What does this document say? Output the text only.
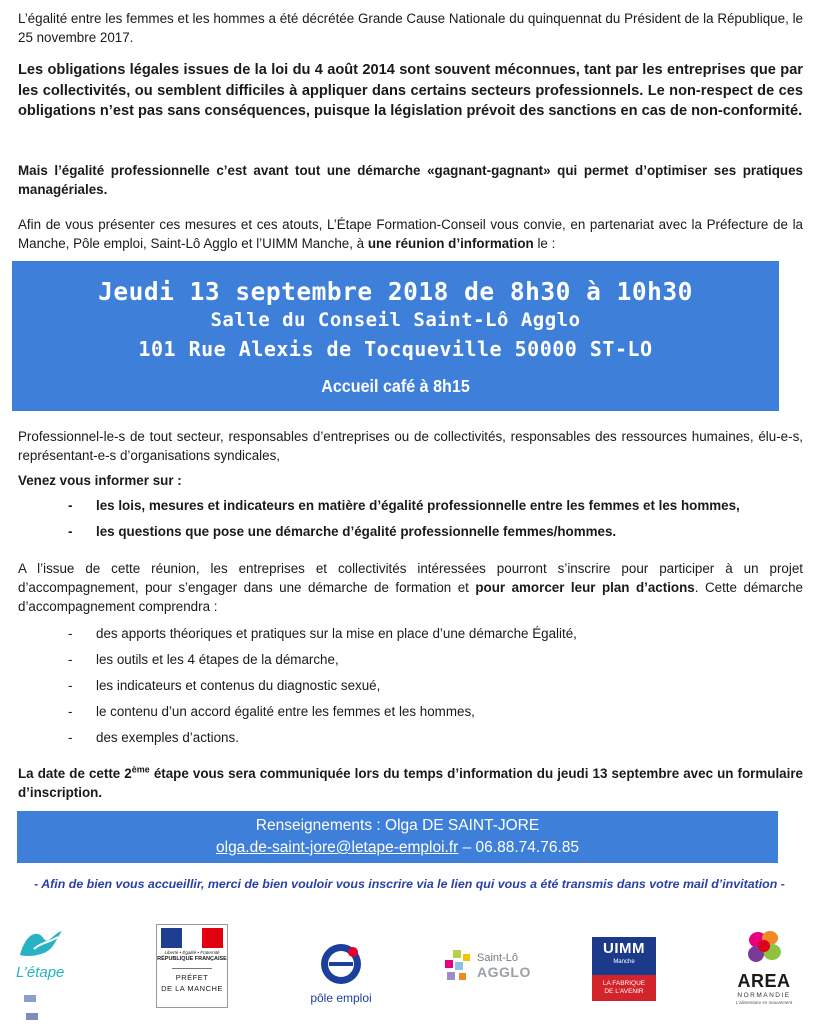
L’égalité entre les femmes et les hommes a été décrétée Grande Cause Nationale du quinquennat du Président de la République, le 25 novembre 2017.

Les obligations légales issues de la loi du 4 août 2014 sont souvent méconnues, tant par les entreprises que par les collectivités, ou semblent difficiles à appliquer dans certains secteurs professionnels. Le non-respect de ces obligations n’est pas sans conséquences, puisque la législation prévoit des sanctions en cas de non-conformité.

Mais l’égalité professionnelle c’est avant tout une démarche «gagnant-gagnant» qui permet d’optimiser ses pratiques managériales.

Afin de vous présenter ces mesures et ces atouts, L’Étape Formation-Conseil vous convie, en partenariat avec la Préfecture de la Manche, Pôle emploi, Saint-Lô Agglo et l’UIMM Manche, à une réunion d’information le :

Jeudi 13 septembre 2018 de 8h30 à 10h30
Salle du Conseil Saint-Lô Agglo
101 Rue Alexis de Tocqueville 50000 ST-LO
Accueil café à 8h15

Professionnel-le-s de tout secteur, responsables d’entreprises ou de collectivités, responsables des ressources humaines, élu-e-s, représentant-e-s d’organisations syndicales,

Venez vous informer sur :

- les lois, mesures et indicateurs en matière d’égalité professionnelle entre les femmes et les hommes,
- les questions que pose une démarche d’égalité professionnelle femmes/hommes.

A l’issue de cette réunion, les entreprises et collectivités intéressées pourront s’inscrire pour participer à un projet d’accompagnement, pour s’engager dans une démarche de formation et pour amorcer leur plan d’actions. Cette démarche d’accompagnement comprendra :

- des apports théoriques et pratiques sur la mise en place d’une démarche Égalité,
- les outils et les 4 étapes de la démarche,
- les indicateurs et contenus du diagnostic sexué,
- le contenu d’un accord égalité entre les femmes et les hommes,
- des exemples d’actions.

La date de cette 2ème étape vous sera communiquée lors du temps d’information du jeudi 13 septembre avec un formulaire d’inscription.

Renseignements : Olga DE SAINT-JORE
olga.de-saint-jore@letape-emploi.fr – 06.88.74.76.85
- Afin de bien vous accueillir, merci de bien vouloir vous inscrire via le lien qui vous a été transmis dans votre mail d’invitation -
L’étape

Liberté • Égalité • Fraternité
RÉPUBLIQUE FRANÇAISE
PRÉFET
DE LA MANCHE
pôle emploi
Saint-Lô
AGGLO
UIMM
Manche
LA FABRIQUE
DE L’AVENIR
AREA
NORMANDIE
L’alimentaire en mouvement
